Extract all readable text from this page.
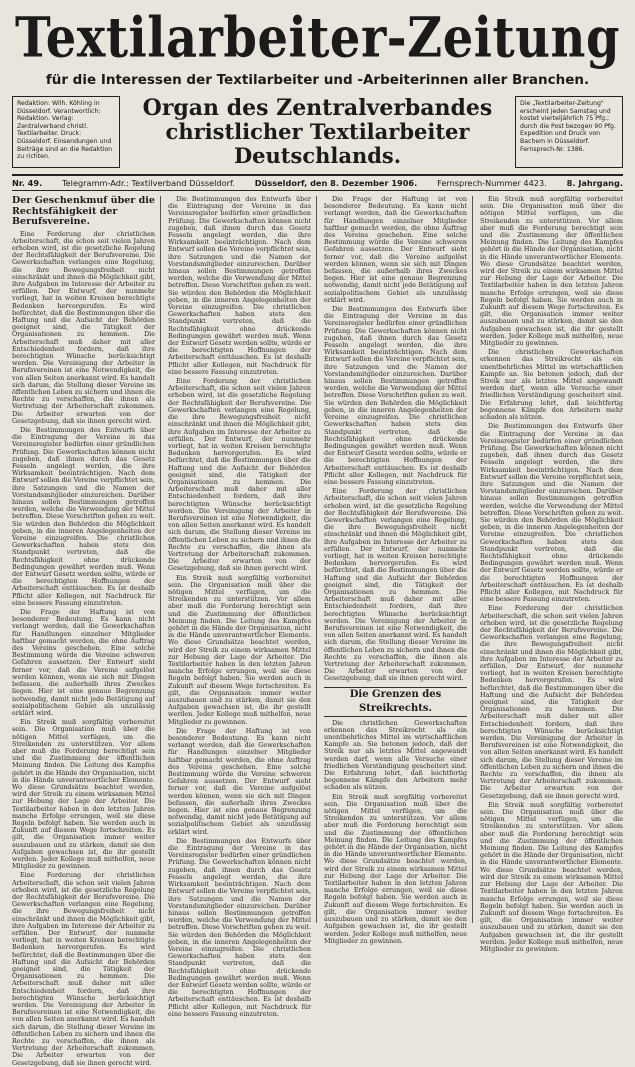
Textilarbeiter-Zeitung
für die Interessen der Textilarbeiter und -Arbeiterinnen aller Branchen.
Redaktion: Wilh. Köhling in Düsseldorf. Verantwortlich: Redaktion. Verlag: Zentralverband christl. Textilarbeiter. Druck: Düsseldorf. Einsendungen und Beiträge sind an die Redaktion zu richten.
Organ des Zentralverbandes
christlicher Textilarbeiter Deutschlands.
Die „Textilarbeiter-Zeitung" erscheint jeden Samstag und kostet vierteljährlich 75 Pfg.; durch die Post bezogen 90 Pfg. Expedition und Druck von Bachem in Düsseldorf. Fernsprech-Nr. 1386.
Nr. 49. Telegramm-Adr.: Textilverband Düsseldorf. Düsseldorf, den 8. Dezember 1906. Fernsprech-Nummer 4423. 8. Jahrgang.
Der Geschenkmuf über die Rechtsfähigkeit der Berufsvereine.

Eine Forderung der christlichen Arbeiterschaft, die schon seit vielen Jahren erhoben wird, ist die gesetzliche Regelung der Rechtsfähigkeit der Berufsvereine. Die Gewerkschaften verlangen eine Regelung, die ihre Bewegungsfreiheit nicht einschränkt und ihnen die Möglichkeit gibt, ihre Aufgaben im Interesse der Arbeiter zu erfüllen. Der Entwurf, der nunmehr vorliegt, hat in weiten Kreisen berechtigte Bedenken hervorgerufen. Es wird befürchtet, daß die Bestimmungen über die Haftung und die Aufsicht der Behörden geeignet sind, die Tätigkeit der Organisationen zu hemmen. Die Arbeiterschaft muß daher mit aller Entschiedenheit fordern, daß ihre berechtigten Wünsche berücksichtigt werden. Die Vereinigung der Arbeiter in Berufsvereinen ist eine Notwendigkeit, die von allen Seiten anerkannt wird. Es handelt sich darum, die Stellung dieser Vereine im öffentlichen Leben zu sichern und ihnen die Rechte zu verschaffen, die ihnen als Vertretung der Arbeiterschaft zukommen. Die Arbeiter erwarten von der Gesetzgebung, daß sie ihnen gerecht wird.

Die Bestimmungen des Entwurfs über die Eintragung der Vereine in das Vereinsregister bedürfen einer gründlichen Prüfung. Die Gewerkschaften können nicht zugeben, daß ihnen durch das Gesetz Fesseln angelegt werden, die ihre Wirksamkeit beeinträchtigen. Nach dem Entwurf sollen die Vereine verpflichtet sein, ihre Satzungen und die Namen der Vorstandsmitglieder einzureichen. Darüber hinaus sollen Bestimmungen getroffen werden, welche die Verwendung der Mittel betreffen. Diese Vorschriften gehen zu weit. Sie würden den Behörden die Möglichkeit geben, in die inneren Angelegenheiten der Vereine einzugreifen. Die christlichen Gewerkschaften haben stets den Standpunkt vertreten, daß die Rechtsfähigkeit ohne drückende Bedingungen gewährt werden muß. Wenn der Entwurf Gesetz werden sollte, würde er die berechtigten Hoffnungen der Arbeiterschaft enttäuschen. Es ist deshalb Pflicht aller Kollegen, mit Nachdruck für eine bessere Fassung einzutreten.

Die Frage der Haftung ist von besonderer Bedeutung. Es kann nicht verlangt werden, daß die Gewerkschaften für Handlungen einzelner Mitglieder haftbar gemacht werden, die ohne Auftrag des Vereins geschehen. Eine solche Bestimmung würde die Vereine schweren Gefahren aussetzen. Der Entwurf sieht ferner vor, daß die Vereine aufgelöst werden können, wenn sie sich mit Dingen befassen, die außerhalb ihres Zweckes liegen. Hier ist eine genaue Begrenzung notwendig, damit nicht jede Betätigung auf sozialpolitischem Gebiet als unzulässig erklärt wird.

Ein Streik muß sorgfältig vorbereitet sein. Die Organisation muß über die nötigen Mittel verfügen, um die Streikenden zu unterstützen. Vor allem aber muß die Forderung berechtigt sein und die Zustimmung der öffentlichen Meinung finden. Die Leitung des Kampfes gehört in die Hände der Organisation, nicht in die Hände unverantwortlicher Elemente. Wo diese Grundsätze beachtet werden, wird der Streik zu einem wirksamen Mittel zur Hebung der Lage der Arbeiter. Die Textilarbeiter haben in den letzten Jahren manche Erfolge errungen, weil sie diese Regeln befolgt haben. Sie werden auch in Zukunft auf diesem Wege fortschreiten. Es gilt, die Organisation immer weiter auszubauen und zu stärken, damit sie den Aufgaben gewachsen ist, die ihr gestellt werden. Jeder Kollege muß mithelfen, neue Mitglieder zu gewinnen.

Eine Forderung der christlichen Arbeiterschaft, die schon seit vielen Jahren erhoben wird, ist die gesetzliche Regelung der Rechtsfähigkeit der Berufsvereine. Die Gewerkschaften verlangen eine Regelung, die ihre Bewegungsfreiheit nicht einschränkt und ihnen die Möglichkeit gibt, ihre Aufgaben im Interesse der Arbeiter zu erfüllen. Der Entwurf, der nunmehr vorliegt, hat in weiten Kreisen berechtigte Bedenken hervorgerufen. Es wird befürchtet, daß die Bestimmungen über die Haftung und die Aufsicht der Behörden geeignet sind, die Tätigkeit der Organisationen zu hemmen. Die Arbeiterschaft muß daher mit aller Entschiedenheit fordern, daß ihre berechtigten Wünsche berücksichtigt werden. Die Vereinigung der Arbeiter in Berufsvereinen ist eine Notwendigkeit, die von allen Seiten anerkannt wird. Es handelt sich darum, die Stellung dieser Vereine im öffentlichen Leben zu sichern und ihnen die Rechte zu verschaffen, die ihnen als Vertretung der Arbeiterschaft zukommen. Die Arbeiter erwarten von der Gesetzgebung, daß sie ihnen gerecht wird.

Die Bestimmungen des Entwurfs über die Eintragung der Vereine in das Vereinsregister bedürfen einer gründlichen Prüfung. Die Gewerkschaften können nicht zugeben, daß ihnen durch das Gesetz Fesseln angelegt werden, die ihre Wirksamkeit beeinträchtigen. Nach dem Entwurf sollen die Vereine verpflichtet sein, ihre Satzungen und die Namen der Vorstandsmitglieder einzureichen. Darüber hinaus sollen Bestimmungen getroffen werden, welche die Verwendung der Mittel betreffen. Diese Vorschriften gehen zu weit. Sie würden den Behörden die Möglichkeit geben, in die inneren Angelegenheiten der Vereine einzugreifen. Die christlichen Gewerkschaften haben stets den Standpunkt vertreten, daß die Rechtsfähigkeit ohne drückende Bedingungen gewährt werden muß. Wenn der Entwurf Gesetz werden sollte, würde er die berechtigten Hoffnungen der Arbeiterschaft enttäuschen. Es ist deshalb Pflicht aller Kollegen, mit Nachdruck für eine bessere Fassung einzutreten.

Eine Forderung der christlichen Arbeiterschaft, die schon seit vielen Jahren erhoben wird, ist die gesetzliche Regelung der Rechtsfähigkeit der Berufsvereine. Die Gewerkschaften verlangen eine Regelung, die ihre Bewegungsfreiheit nicht einschränkt und ihnen die Möglichkeit gibt, ihre Aufgaben im Interesse der Arbeiter zu erfüllen. Der Entwurf, der nunmehr vorliegt, hat in weiten Kreisen berechtigte Bedenken hervorgerufen. Es wird befürchtet, daß die Bestimmungen über die Haftung und die Aufsicht der Behörden geeignet sind, die Tätigkeit der Organisationen zu hemmen. Die Arbeiterschaft muß daher mit aller Entschiedenheit fordern, daß ihre berechtigten Wünsche berücksichtigt werden. Die Vereinigung der Arbeiter in Berufsvereinen ist eine Notwendigkeit, die von allen Seiten anerkannt wird. Es handelt sich darum, die Stellung dieser Vereine im öffentlichen Leben zu sichern und ihnen die Rechte zu verschaffen, die ihnen als Vertretung der Arbeiterschaft zukommen. Die Arbeiter erwarten von der Gesetzgebung, daß sie ihnen gerecht wird.

Ein Streik muß sorgfältig vorbereitet sein. Die Organisation muß über die nötigen Mittel verfügen, um die Streikenden zu unterstützen. Vor allem aber muß die Forderung berechtigt sein und die Zustimmung der öffentlichen Meinung finden. Die Leitung des Kampfes gehört in die Hände der Organisation, nicht in die Hände unverantwortlicher Elemente. Wo diese Grundsätze beachtet werden, wird der Streik zu einem wirksamen Mittel zur Hebung der Lage der Arbeiter. Die Textilarbeiter haben in den letzten Jahren manche Erfolge errungen, weil sie diese Regeln befolgt haben. Sie werden auch in Zukunft auf diesem Wege fortschreiten. Es gilt, die Organisation immer weiter auszubauen und zu stärken, damit sie den Aufgaben gewachsen ist, die ihr gestellt werden. Jeder Kollege muß mithelfen, neue Mitglieder zu gewinnen.

Die Frage der Haftung ist von besonderer Bedeutung. Es kann nicht verlangt werden, daß die Gewerkschaften für Handlungen einzelner Mitglieder haftbar gemacht werden, die ohne Auftrag des Vereins geschehen. Eine solche Bestimmung würde die Vereine schweren Gefahren aussetzen. Der Entwurf sieht ferner vor, daß die Vereine aufgelöst werden können, wenn sie sich mit Dingen befassen, die außerhalb ihres Zweckes liegen. Hier ist eine genaue Begrenzung notwendig, damit nicht jede Betätigung auf sozialpolitischem Gebiet als unzulässig erklärt wird.

Die Bestimmungen des Entwurfs über die Eintragung der Vereine in das Vereinsregister bedürfen einer gründlichen Prüfung. Die Gewerkschaften können nicht zugeben, daß ihnen durch das Gesetz Fesseln angelegt werden, die ihre Wirksamkeit beeinträchtigen. Nach dem Entwurf sollen die Vereine verpflichtet sein, ihre Satzungen und die Namen der Vorstandsmitglieder einzureichen. Darüber hinaus sollen Bestimmungen getroffen werden, welche die Verwendung der Mittel betreffen. Diese Vorschriften gehen zu weit. Sie würden den Behörden die Möglichkeit geben, in die inneren Angelegenheiten der Vereine einzugreifen. Die christlichen Gewerkschaften haben stets den Standpunkt vertreten, daß die Rechtsfähigkeit ohne drückende Bedingungen gewährt werden muß. Wenn der Entwurf Gesetz werden sollte, würde er die berechtigten Hoffnungen der Arbeiterschaft enttäuschen. Es ist deshalb Pflicht aller Kollegen, mit Nachdruck für eine bessere Fassung einzutreten.

Die Frage der Haftung ist von besonderer Bedeutung. Es kann nicht verlangt werden, daß die Gewerkschaften für Handlungen einzelner Mitglieder haftbar gemacht werden, die ohne Auftrag des Vereins geschehen. Eine solche Bestimmung würde die Vereine schweren Gefahren aussetzen. Der Entwurf sieht ferner vor, daß die Vereine aufgelöst werden können, wenn sie sich mit Dingen befassen, die außerhalb ihres Zweckes liegen. Hier ist eine genaue Begrenzung notwendig, damit nicht jede Betätigung auf sozialpolitischem Gebiet als unzulässig erklärt wird.

Die Bestimmungen des Entwurfs über die Eintragung der Vereine in das Vereinsregister bedürfen einer gründlichen Prüfung. Die Gewerkschaften können nicht zugeben, daß ihnen durch das Gesetz Fesseln angelegt werden, die ihre Wirksamkeit beeinträchtigen. Nach dem Entwurf sollen die Vereine verpflichtet sein, ihre Satzungen und die Namen der Vorstandsmitglieder einzureichen. Darüber hinaus sollen Bestimmungen getroffen werden, welche die Verwendung der Mittel betreffen. Diese Vorschriften gehen zu weit. Sie würden den Behörden die Möglichkeit geben, in die inneren Angelegenheiten der Vereine einzugreifen. Die christlichen Gewerkschaften haben stets den Standpunkt vertreten, daß die Rechtsfähigkeit ohne drückende Bedingungen gewährt werden muß. Wenn der Entwurf Gesetz werden sollte, würde er die berechtigten Hoffnungen der Arbeiterschaft enttäuschen. Es ist deshalb Pflicht aller Kollegen, mit Nachdruck für eine bessere Fassung einzutreten.

Eine Forderung der christlichen Arbeiterschaft, die schon seit vielen Jahren erhoben wird, ist die gesetzliche Regelung der Rechtsfähigkeit der Berufsvereine. Die Gewerkschaften verlangen eine Regelung, die ihre Bewegungsfreiheit nicht einschränkt und ihnen die Möglichkeit gibt, ihre Aufgaben im Interesse der Arbeiter zu erfüllen. Der Entwurf, der nunmehr vorliegt, hat in weiten Kreisen berechtigte Bedenken hervorgerufen. Es wird befürchtet, daß die Bestimmungen über die Haftung und die Aufsicht der Behörden geeignet sind, die Tätigkeit der Organisationen zu hemmen. Die Arbeiterschaft muß daher mit aller Entschiedenheit fordern, daß ihre berechtigten Wünsche berücksichtigt werden. Die Vereinigung der Arbeiter in Berufsvereinen ist eine Notwendigkeit, die von allen Seiten anerkannt wird. Es handelt sich darum, die Stellung dieser Vereine im öffentlichen Leben zu sichern und ihnen die Rechte zu verschaffen, die ihnen als Vertretung der Arbeiterschaft zukommen. Die Arbeiter erwarten von der Gesetzgebung, daß sie ihnen gerecht wird.

Die Grenzen des Streikrechts.

Die christlichen Gewerkschaften erkennen das Streikrecht als ein unentbehrliches Mittel im wirtschaftlichen Kampfe an. Sie betonen jedoch, daß der Streik nur als letztes Mittel angewandt werden darf, wenn alle Versuche einer friedlichen Verständigung gescheitert sind. Die Erfahrung lehrt, daß leichtfertig begonnene Kämpfe den Arbeitern mehr schaden als nützen.

Ein Streik muß sorgfältig vorbereitet sein. Die Organisation muß über die nötigen Mittel verfügen, um die Streikenden zu unterstützen. Vor allem aber muß die Forderung berechtigt sein und die Zustimmung der öffentlichen Meinung finden. Die Leitung des Kampfes gehört in die Hände der Organisation, nicht in die Hände unverantwortlicher Elemente. Wo diese Grundsätze beachtet werden, wird der Streik zu einem wirksamen Mittel zur Hebung der Lage der Arbeiter. Die Textilarbeiter haben in den letzten Jahren manche Erfolge errungen, weil sie diese Regeln befolgt haben. Sie werden auch in Zukunft auf diesem Wege fortschreiten. Es gilt, die Organisation immer weiter auszubauen und zu stärken, damit sie den Aufgaben gewachsen ist, die ihr gestellt werden. Jeder Kollege muß mithelfen, neue Mitglieder zu gewinnen.

Ein Streik muß sorgfältig vorbereitet sein. Die Organisation muß über die nötigen Mittel verfügen, um die Streikenden zu unterstützen. Vor allem aber muß die Forderung berechtigt sein und die Zustimmung der öffentlichen Meinung finden. Die Leitung des Kampfes gehört in die Hände der Organisation, nicht in die Hände unverantwortlicher Elemente. Wo diese Grundsätze beachtet werden, wird der Streik zu einem wirksamen Mittel zur Hebung der Lage der Arbeiter. Die Textilarbeiter haben in den letzten Jahren manche Erfolge errungen, weil sie diese Regeln befolgt haben. Sie werden auch in Zukunft auf diesem Wege fortschreiten. Es gilt, die Organisation immer weiter auszubauen und zu stärken, damit sie den Aufgaben gewachsen ist, die ihr gestellt werden. Jeder Kollege muß mithelfen, neue Mitglieder zu gewinnen.

Die christlichen Gewerkschaften erkennen das Streikrecht als ein unentbehrliches Mittel im wirtschaftlichen Kampfe an. Sie betonen jedoch, daß der Streik nur als letztes Mittel angewandt werden darf, wenn alle Versuche einer friedlichen Verständigung gescheitert sind. Die Erfahrung lehrt, daß leichtfertig begonnene Kämpfe den Arbeitern mehr schaden als nützen.

Die Bestimmungen des Entwurfs über die Eintragung der Vereine in das Vereinsregister bedürfen einer gründlichen Prüfung. Die Gewerkschaften können nicht zugeben, daß ihnen durch das Gesetz Fesseln angelegt werden, die ihre Wirksamkeit beeinträchtigen. Nach dem Entwurf sollen die Vereine verpflichtet sein, ihre Satzungen und die Namen der Vorstandsmitglieder einzureichen. Darüber hinaus sollen Bestimmungen getroffen werden, welche die Verwendung der Mittel betreffen. Diese Vorschriften gehen zu weit. Sie würden den Behörden die Möglichkeit geben, in die inneren Angelegenheiten der Vereine einzugreifen. Die christlichen Gewerkschaften haben stets den Standpunkt vertreten, daß die Rechtsfähigkeit ohne drückende Bedingungen gewährt werden muß. Wenn der Entwurf Gesetz werden sollte, würde er die berechtigten Hoffnungen der Arbeiterschaft enttäuschen. Es ist deshalb Pflicht aller Kollegen, mit Nachdruck für eine bessere Fassung einzutreten.

Eine Forderung der christlichen Arbeiterschaft, die schon seit vielen Jahren erhoben wird, ist die gesetzliche Regelung der Rechtsfähigkeit der Berufsvereine. Die Gewerkschaften verlangen eine Regelung, die ihre Bewegungsfreiheit nicht einschränkt und ihnen die Möglichkeit gibt, ihre Aufgaben im Interesse der Arbeiter zu erfüllen. Der Entwurf, der nunmehr vorliegt, hat in weiten Kreisen berechtigte Bedenken hervorgerufen. Es wird befürchtet, daß die Bestimmungen über die Haftung und die Aufsicht der Behörden geeignet sind, die Tätigkeit der Organisationen zu hemmen. Die Arbeiterschaft muß daher mit aller Entschiedenheit fordern, daß ihre berechtigten Wünsche berücksichtigt werden. Die Vereinigung der Arbeiter in Berufsvereinen ist eine Notwendigkeit, die von allen Seiten anerkannt wird. Es handelt sich darum, die Stellung dieser Vereine im öffentlichen Leben zu sichern und ihnen die Rechte zu verschaffen, die ihnen als Vertretung der Arbeiterschaft zukommen. Die Arbeiter erwarten von der Gesetzgebung, daß sie ihnen gerecht wird.

Ein Streik muß sorgfältig vorbereitet sein. Die Organisation muß über die nötigen Mittel verfügen, um die Streikenden zu unterstützen. Vor allem aber muß die Forderung berechtigt sein und die Zustimmung der öffentlichen Meinung finden. Die Leitung des Kampfes gehört in die Hände der Organisation, nicht in die Hände unverantwortlicher Elemente. Wo diese Grundsätze beachtet werden, wird der Streik zu einem wirksamen Mittel zur Hebung der Lage der Arbeiter. Die Textilarbeiter haben in den letzten Jahren manche Erfolge errungen, weil sie diese Regeln befolgt haben. Sie werden auch in Zukunft auf diesem Wege fortschreiten. Es gilt, die Organisation immer weiter auszubauen und zu stärken, damit sie den Aufgaben gewachsen ist, die ihr gestellt werden. Jeder Kollege muß mithelfen, neue Mitglieder zu gewinnen.
